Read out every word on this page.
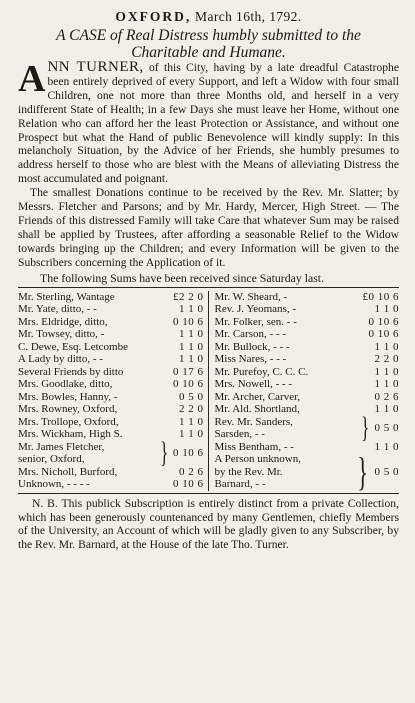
OXFORD, March 16th, 1792.
A CASE of Real Distress humbly submitted to the
Charitable and Humane.

ANN TURNER, of this City, having by a late dreadful Catastrophe been entirely deprived of every Support, and left a Widow with four small Children, one not more than three Months old, and herself in a very indifferent State of Health; in a few Days she must leave her Home, without one Relation who can afford her the least Protection or Assistance, and without one Prospect but what the Hand of public Benevolence will kindly supply: In this melancholy Situation, by the Advice of her Friends, she humbly presumes to address herself to those who are blest with the Means of alleviating Distress the most accumulated and poignant.

The smallest Donations continue to be received by the Rev. Mr. Slatter; by Messrs. Fletcher and Parsons; and by Mr. Hardy, Mercer, High Street. — The Friends of this distressed Family will take Care that whatever Sum may be raised shall be applied by Trustees, after affording a seasonable Relief to the Widow towards bringing up the Children; and every Information will be given to the Subscribers concerning the Application of it.

The following Sums have been received since Saturday last.

Mr. Sterling, Wantage	£2 2 0
Mr. Yate, ditto, - -	1 1 0
Mrs. Eldridge, ditto,	0 10 6
Mr. Towsey, ditto, -	1 1 0
C. Dewe, Esq. Letcombe	1 1 0
A Lady by ditto, - -	1 1 0
Several Friends by ditto	0 17 6
Mrs. Goodlake, ditto,	0 10 6
Mrs. Bowles, Hanny, -	0 5 0
Mrs. Rowney, Oxford,	2 2 0
Mrs. Trollope, Oxford,	1 1 0
Mrs. Wickham, High S.	1 1 0
Mr. James Fletcher,
senior, Oxford,	} 0 10 6
Mrs. Nicholl, Burford,	0 2 6
Unknown, - - - -	0 10 6
Mr. W. Sheard, -	£0 10 6
Rev. J. Yeomans, -	1 1 0
Mr. Folker, sen. - -	0 10 6
Mr. Carson, - - -	0 10 6
Mr. Bullock, - - -	1 1 0
Miss Nares, - - -	2 2 0
Mr. Purefoy, C. C. C.	1 1 0
Mrs. Nowell, - - -	1 1 0
Mr. Archer, Carver,	0 2 6
Mr. Ald. Shortland,	1 1 0
Rev. Mr. Sanders,
Sarsden, - -	} 0 5 0
Miss Bentham, - -	1 1 0
A Person unknown,
by the Rev. Mr.
Barnard, - -	} 0 5 0

N. B. This publick Subscription is entirely distinct from a private Collection, which has been generously countenanced by many Gentlemen, chiefly Members of the University, an Account of which will be gladly given to any Subscriber, by the Rev. Mr. Barnard, at the House of the late Tho. Turner.
